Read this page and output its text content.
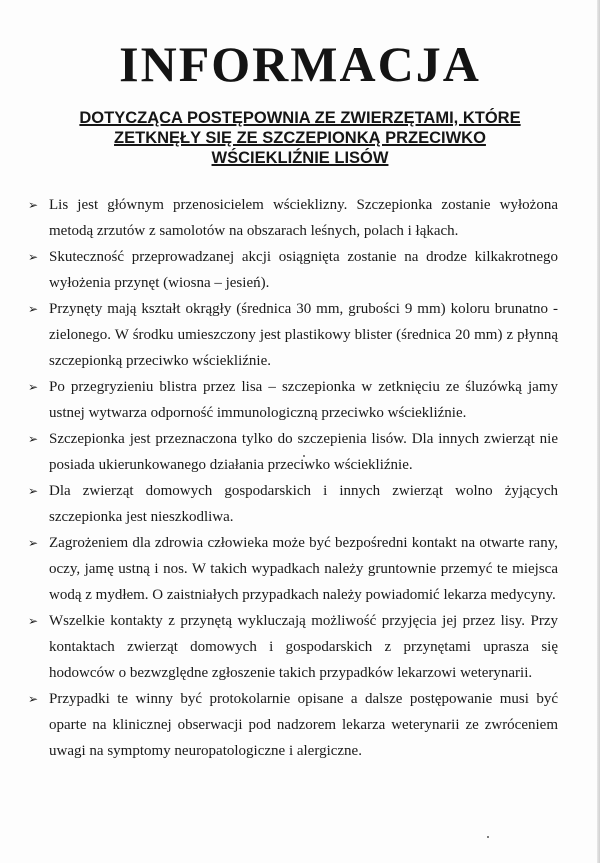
INFORMACJA
DOTYCZĄCA POSTĘPOWNIA ZE ZWIERZĘTAMI, KTÓRE
ZETKNĘŁY SIĘ ZE SZCZEPIONKĄ PRZECIWKO
WŚCIEKLIŹNIE LISÓW
➢ Lis jest głównym przenosicielem wścieklizny. Szczepionka zostanie wyłożona metodą zrzutów z samolotów na obszarach leśnych, polach i łąkach.
➢ Skuteczność przeprowadzanej akcji osiągnięta zostanie na drodze kilkakrotnego wyłożenia przynęt (wiosna – jesień).
➢ Przynęty mają kształt okrągły (średnica 30 mm, grubości 9 mm) koloru brunatno - zielonego. W środku umieszczony jest plastikowy blister (średnica 20 mm) z płynną szczepionką przeciwko wściekliźnie.
➢ Po przegryzieniu blistra przez lisa – szczepionka w zetknięciu ze śluzówką jamy ustnej wytwarza odporność immunologiczną przeciwko wściekliźnie.
➢ Szczepionka jest przeznaczona tylko do szczepienia lisów. Dla innych zwierząt nie posiada ukierunkowanego działania przeciwko wściekliźnie.
➢ Dla zwierząt domowych gospodarskich i innych zwierząt wolno żyjących szczepionka jest nieszkodliwa.
➢ Zagrożeniem dla zdrowia człowieka może być bezpośredni kontakt na otwarte rany, oczy, jamę ustną i nos. W takich wypadkach należy gruntownie przemyć te miejsca wodą z mydłem. O zaistniałych przypadkach należy powiadomić lekarza medycyny.
➢ Wszelkie kontakty z przynętą wykluczają możliwość przyjęcia jej przez lisy. Przy kontaktach zwierząt domowych i gospodarskich z przynętami uprasza się hodowców o bezwzględne zgłoszenie takich przypadków lekarzowi weterynarii.
➢ Przypadki te winny być protokolarnie opisane a dalsze postępowanie musi być oparte na klinicznej obserwacji pod nadzorem lekarza weterynarii ze zwróceniem uwagi na symptomy neuropatologiczne i alergiczne.
